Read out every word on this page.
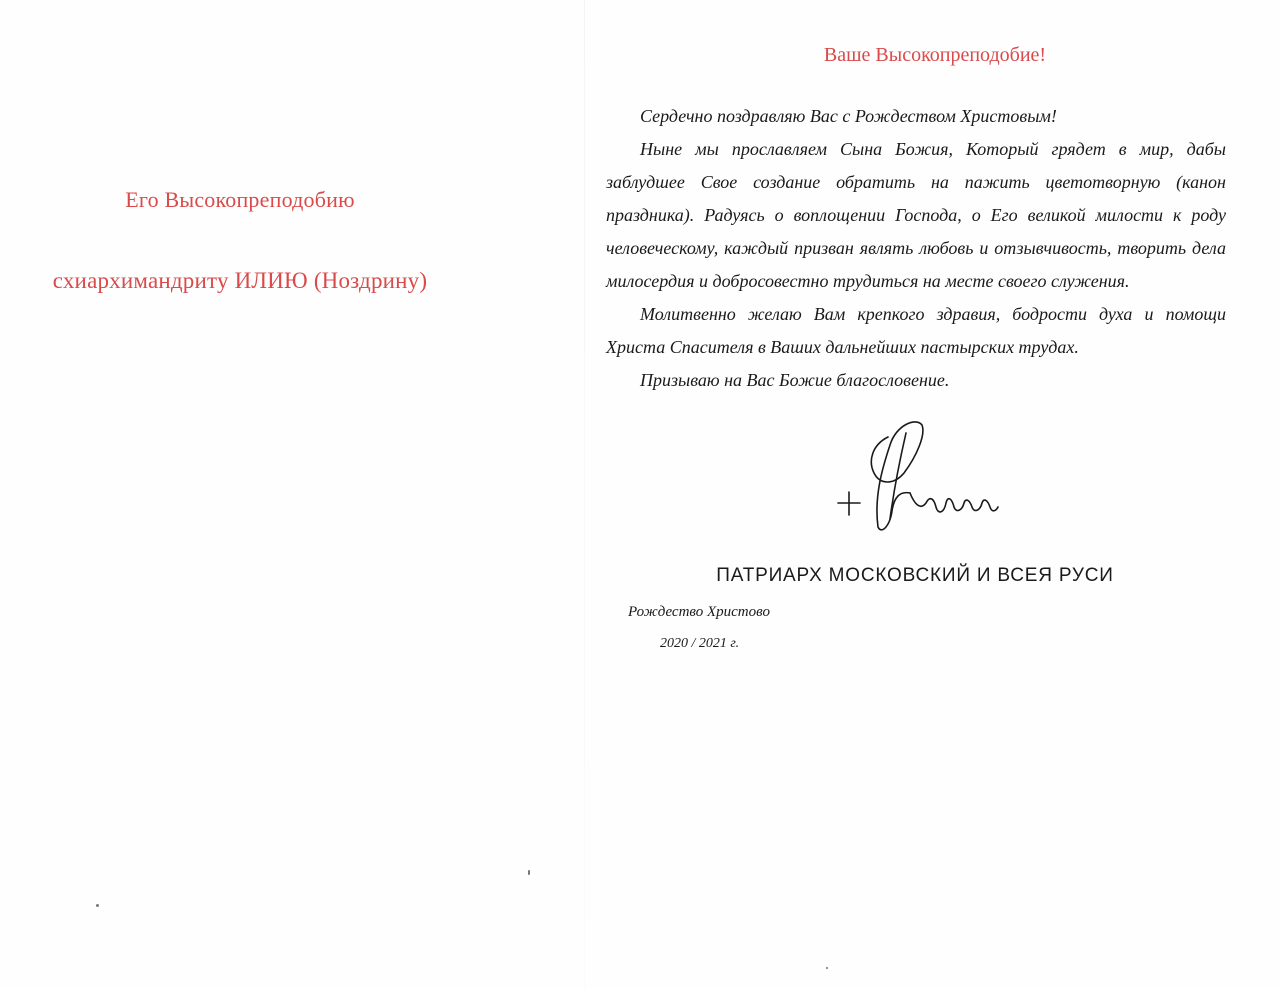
Его Высокопреподобию
схиархимандриту ИЛИЮ (Ноздрину)
Ваше Высокопреподобие!

Сердечно поздравляю Вас с Рождеством Христовым!

Ныне мы прославляем Сына Божия, Который грядет в мир, дабы заблудшее Свое создание обратить на пажить цветотворную (канон праздника). Радуясь о воплощении Господа, о Его великой милости к роду человеческому, каждый призван являть любовь и отзывчивость, творить дела милосердия и добросовестно трудиться на месте своего служения.

Молитвенно желаю Вам крепкого здравия, бодрости духа и помощи Христа Спасителя в Ваших дальнейших пастырских трудах.

Призываю на Вас Божие благословение.

ПАТРИАРХ МОСКОВСКИЙ И ВСЕЯ РУСИ
Рождество Христово
2020 / 2021 г.
